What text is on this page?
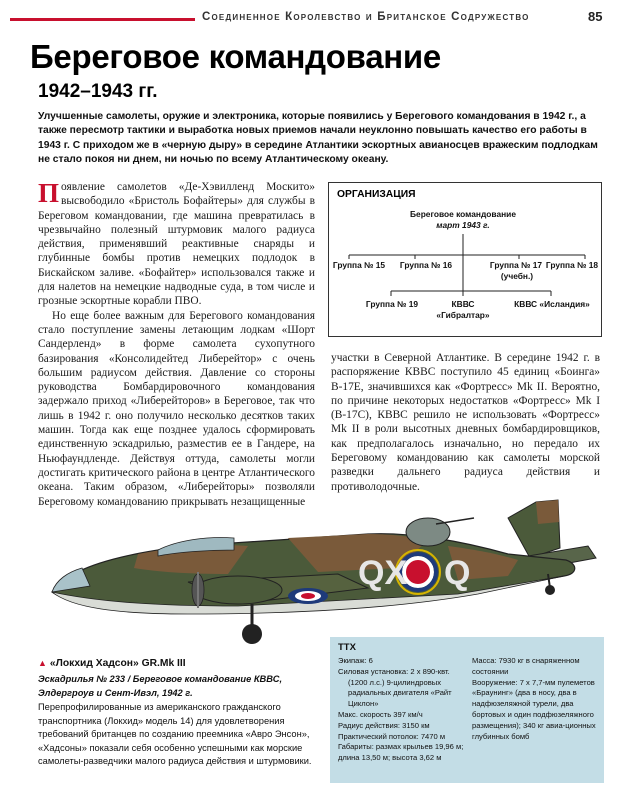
Соединенное Королевство и Британское Содружество	85
Береговое командование
1942–1943 гг.
Улучшенные самолеты, оружие и электроника, которые появились у Берегового командования в 1942 г., а также пересмотр тактики и выработка новых приемов начали неуклонно повышать качество его работы в 1943 г. С приходом же в «черную дыру» в середине Атлантики эскортных авианосцев вражеским подлодкам не стало покоя ни днем, ни ночью по всему Атлантическому океану.

Появление самолетов «Де-Хэвилленд Москито» высвободило «Бристоль Бофайтеры» для службы в Береговом командовании, где машина превратилась в чрезвычайно полезный штурмовик малого радиуса действия, применявший реактивные снаряды и глубинные бомбы против немецких подлодок в Бискайском заливе. «Бофайтер» использовался также и для налетов на немецкие надводные суда, в том числе и грозные эскортные корабли ПВО.

Но еще более важным для Берегового командования стало поступление замены летающим лодкам «Шорт Сандерленд» в форме самолета сухопутного базирования «Консолидейтед Либерейтор» с очень большим радиусом действия. Давление со стороны руководства Бомбардировочного командования задержало приход «Либерейторов» в Береговое, так что лишь в 1942 г. оно получило несколько десятков таких машин. Тогда как еще позднее удалось сформировать единственную эскадрилью, разместив ее в Гандере, на Ньюфаундленде. Действуя оттуда, самолеты могли достигать критического района в центре Атлантического океана. Таким образом, «Либерейторы» позволяли Береговому командованию прикрывать незащищенные

ОРГАНИЗАЦИЯ
Береговое командование
март 1943 г.
Группа № 15	Группа № 16	Группа № 17
(учебн.)
Группа № 18
Группа № 19	КВВС
«Гибралтар»
КВВС «Исландия»

участки в Северной Атлантике. В середине 1942 г. в распоряжение КВВС поступило 45 единиц «Боинга» B-17E, значившихся как «Фортресс» Mk II. Вероятно, по причине некоторых недостатков «Фортресс» Mk I (B-17C), КВВС решило не использовать «Фортресс» Mk II в роли высотных дневных бомбардировщиков, как предполагалось изначально, но передало их Береговому командованию как самолеты морской разведки дальнего радиуса действия и противолодочные.

QX Q
▲ «Локхид Хадсон» GR.Mk III
Эскадрилья № 233 / Береговое командование КВВС, Элдергроув и Сент-Ивэл, 1942 г.
Перепрофилированные из американского гражданского транспортника (Локхид» модель 14) для удовлетворения требований британцев по созданию преемника «Авро Энсон», «Хадсоны» показали себя особенно успешными как морские самолеты-разведчики малого радиуса действия и штурмовики.
ТТХ
Экипаж: 6
Силовая установка: 2 х 890-квт.
(1200 л.с.) 9-цилиндровых радиальных двигателя «Райт Циклон»
Макс. скорость 397 км/ч
Радиус действия: 3150 км
Практический потолок: 7470 м
Габариты: размах крыльев 19,96 м; длина 13,50 м; высота 3,62 м
Масса: 7930 кг в снаряженном состоянии
Вооружение: 7 х 7,7-мм пулеметов «Браунинг» (два в носу, два в надфюзеляжной турели, два бортовых и один подфюзеляжного размещения); 340 кг авиа-ционных глубинных бомб
